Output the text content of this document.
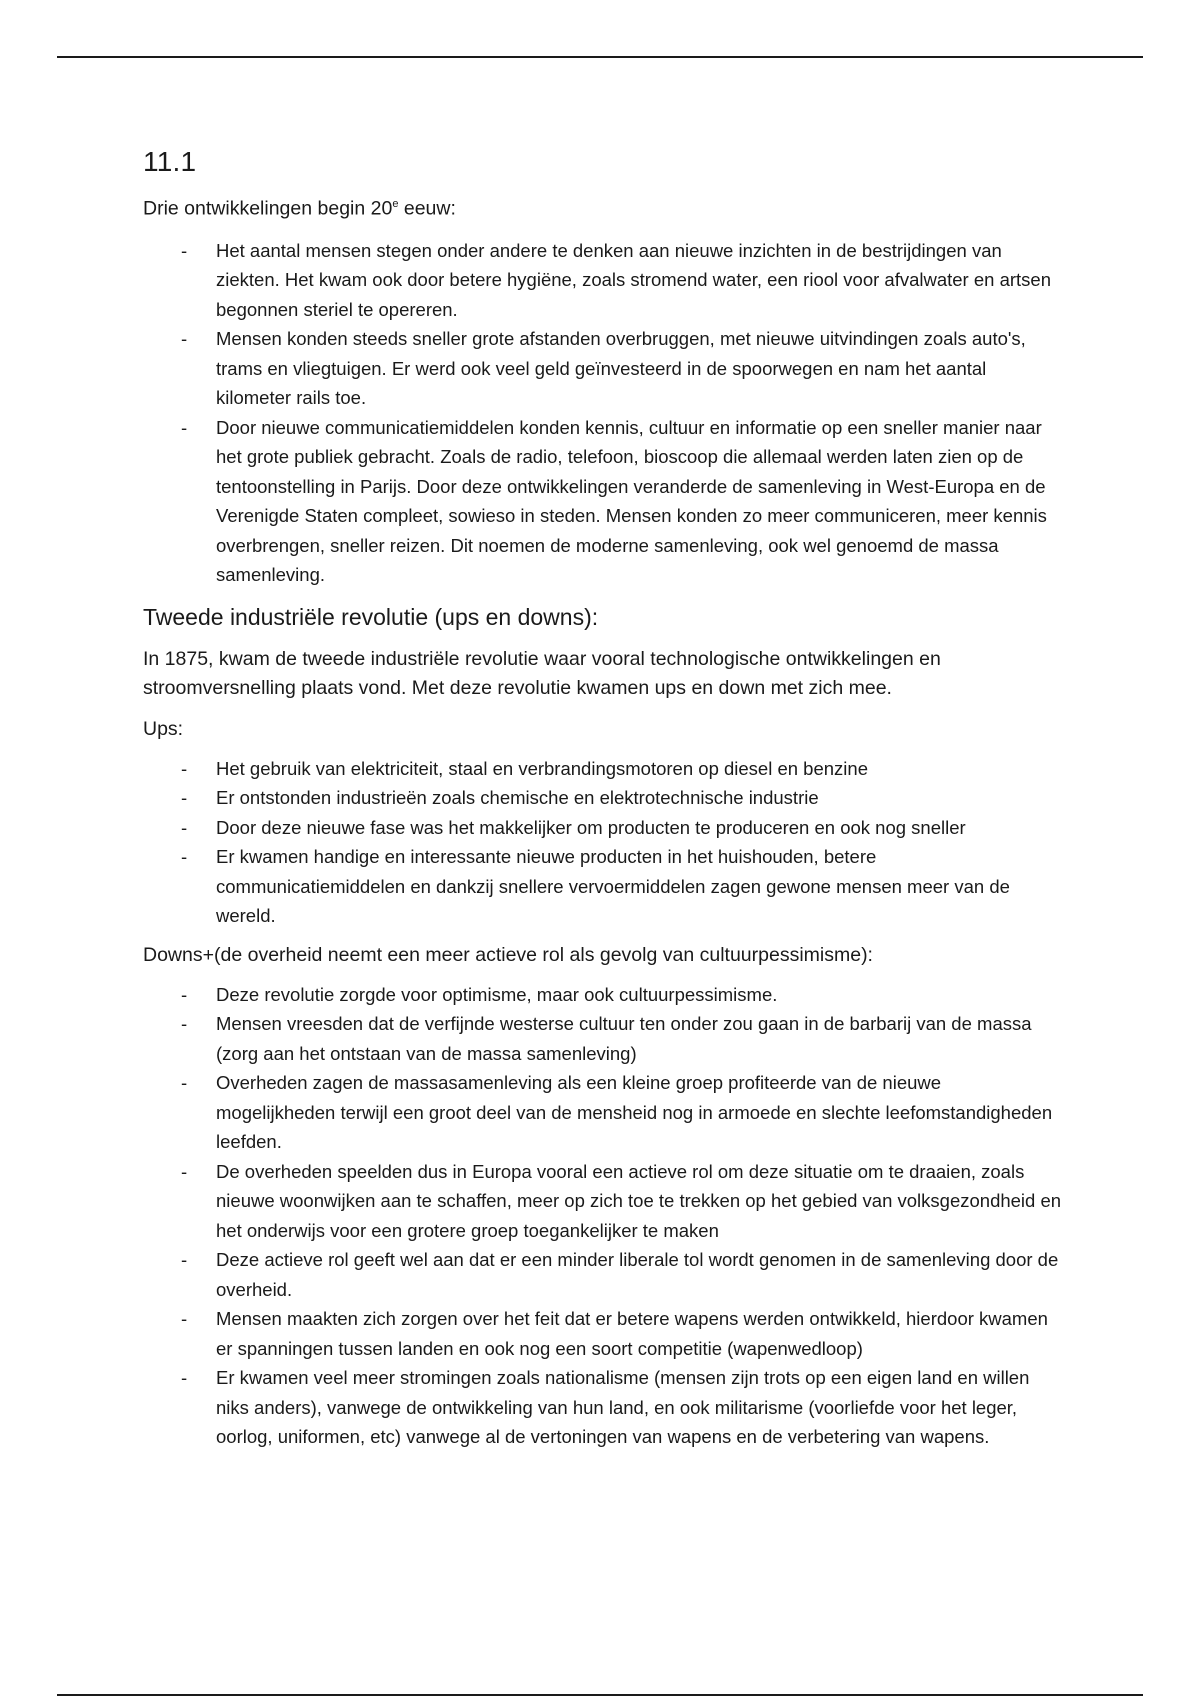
11.1

Drie ontwikkelingen begin 20e eeuw:

- Het aantal mensen stegen onder andere te denken aan nieuwe inzichten in de bestrijdingen van ziekten. Het kwam ook door betere hygiëne, zoals stromend water, een riool voor afvalwater en artsen begonnen steriel te opereren.
- Mensen konden steeds sneller grote afstanden overbruggen, met nieuwe uitvindingen zoals auto's, trams en vliegtuigen. Er werd ook veel geld geïnvesteerd in de spoorwegen en nam het aantal kilometer rails toe.
- Door nieuwe communicatiemiddelen konden kennis, cultuur en informatie op een sneller manier naar het grote publiek gebracht. Zoals de radio, telefoon, bioscoop die allemaal werden laten zien op de tentoonstelling in Parijs. Door deze ontwikkelingen veranderde de samenleving in West-Europa en de Verenigde Staten compleet, sowieso in steden. Mensen konden zo meer communiceren, meer kennis overbrengen, sneller reizen. Dit noemen de moderne samenleving, ook wel genoemd de massa samenleving.
Tweede industriële revolutie (ups en downs):

In 1875, kwam de tweede industriële revolutie waar vooral technologische ontwikkelingen en stroomversnelling plaats vond. Met deze revolutie kwamen ups en down met zich mee.

Ups:

- Het gebruik van elektriciteit, staal en verbrandingsmotoren op diesel en benzine
- Er ontstonden industrieën zoals chemische en elektrotechnische industrie
- Door deze nieuwe fase was het makkelijker om producten te produceren en ook nog sneller
- Er kwamen handige en interessante nieuwe producten in het huishouden, betere communicatiemiddelen en dankzij snellere vervoermiddelen zagen gewone mensen meer van de wereld.

Downs+(de overheid neemt een meer actieve rol als gevolg van cultuurpessimisme):

- Deze revolutie zorgde voor optimisme, maar ook cultuurpessimisme.
- Mensen vreesden dat de verfijnde westerse cultuur ten onder zou gaan in de barbarij van de massa (zorg aan het ontstaan van de massa samenleving)
- Overheden zagen de massasamenleving als een kleine groep profiteerde van de nieuwe mogelijkheden terwijl een groot deel van de mensheid nog in armoede en slechte leefomstandigheden leefden.
- De overheden speelden dus in Europa vooral een actieve rol om deze situatie om te draaien, zoals nieuwe woonwijken aan te schaffen, meer op zich toe te trekken op het gebied van volksgezondheid en het onderwijs voor een grotere groep toegankelijker te maken
- Deze actieve rol geeft wel aan dat er een minder liberale tol wordt genomen in de samenleving door de overheid.
- Mensen maakten zich zorgen over het feit dat er betere wapens werden ontwikkeld, hierdoor kwamen er spanningen tussen landen en ook nog een soort competitie (wapenwedloop)
- Er kwamen veel meer stromingen zoals nationalisme (mensen zijn trots op een eigen land en willen niks anders), vanwege de ontwikkeling van hun land, en ook militarisme (voorliefde voor het leger, oorlog, uniformen, etc) vanwege al de vertoningen van wapens en de verbetering van wapens.
